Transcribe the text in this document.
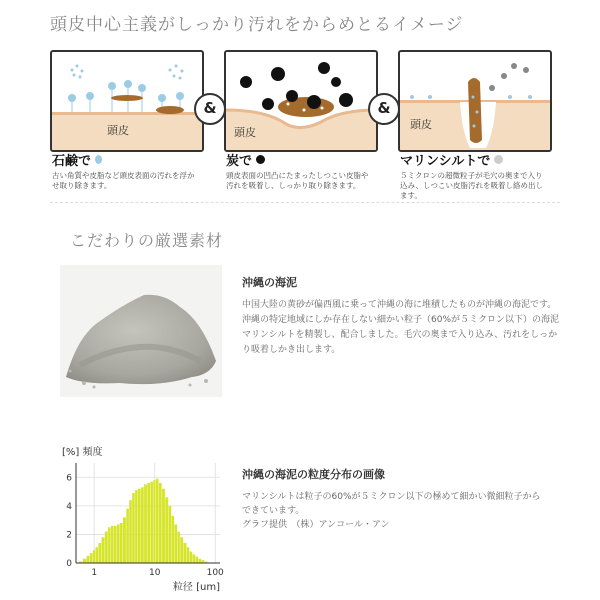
頭皮中心主義がしっかり汚れをからめとるイメージ
頭皮
&
頭皮
&
頭皮
石鹸で
古い角質や皮脂など頭皮表面の汚れを浮かせ取り除きます。
炭で
頭皮表面の凹凸にたまったしつこい皮脂や汚れを吸着し、しっかり取り除きます。
マリンシルトで
５ミクロンの超微粒子が毛穴の奥まで入り込み、しつこい皮脂汚れを吸着し絡め出します。
こだわりの厳選素材
沖縄の海泥
中国大陸の黄砂が偏西風に乗って沖縄の海に堆積したものが沖縄の海泥です。沖縄の特定地域にしか存在しない細かい粒子（60%が５ミクロン以下）の海泥マリンシルトを精製し、配合しました。毛穴の奥まで入り込み、汚れをしっかり吸着しかき出します。
0
2
4
6
1	10	100
[%] 頻度
粒径 [um]
沖縄の海泥の粒度分布の画像
マリンシルトは粒子の60%が５ミクロン以下の極めて細かい微細粒子からできています。
グラフ提供　（株）アンコール・アン
